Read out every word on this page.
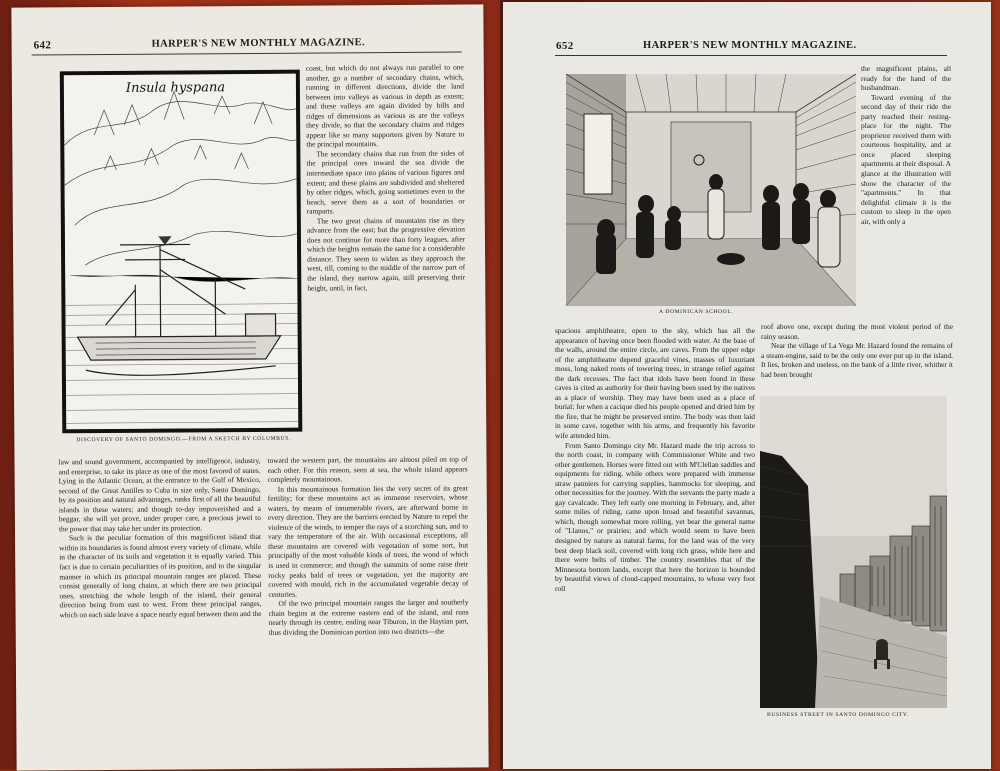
642	HARPER'S NEW MONTHLY MAGAZINE.
Insula hyspana
DISCOVERY OF SANTO DOMINGO.—FROM A SKETCH BY COLUMBUS.

coast, but which do not always run parallel to one another, go a number of secondary chains, which, running in different directions, divide the land between into valleys as various in depth as extent; and these valleys are again divided by hills and ridges of dimensions as various as are the valleys they divide, so that the secondary chains and ridges appear like so many supporters given by Nature to the principal mountains.

The secondary chains that run from the sides of the principal ones toward the sea divide the intermediate space into plains of various figures and extent; and these plains are subdivided and sheltered by other ridges, which, going sometimes even to the beach, serve them as a sort of boundaries or ramparts.

The two great chains of mountains rise as they advance from the east; but the progressive elevation does not continue for more than forty leagues, after which the heights remain the same for a considerable distance. They seem to widen as they approach the west, till, coming to the middle of the narrow part of the island, they narrow again, still preserving their height, until, in fact,

law and sound government, accompanied by intelligence, industry, and enterprise, to take its place as one of the most favored of states. Lying in the Atlantic Ocean, at the entrance to the Gulf of Mexico, second of the Great Antilles to Cuba in size only, Santo Domingo, by its position and natural advantages, ranks first of all the beautiful islands in these waters; and though to-day impoverished and a beggar, she will yet prove, under proper care, a precious jewel to the power that may take her under its protection.

Such is the peculiar formation of this magnificent island that within its boundaries is found almost every variety of climate, while in the character of its soils and vegetation it is equally varied. This fact is due to certain peculiarities of its position, and to the singular manner in which its principal mountain ranges are placed. These consist generally of long chains, at which there are two principal ones, stretching the whole length of the island, their general direction being from east to west. From these principal ranges, which on each side leave a space nearly equal between them and the

toward the western part, the mountains are almost piled on top of each other. For this reason, seen at sea, the whole island appears completely mountainous.

In this mountainous formation lies the very secret of its great fertility; for these mountains act as immense reservoirs, whose waters, by means of innumerable rivers, are afterward borne in every direction. They are the barriers erected by Nature to repel the violence of the winds, to temper the rays of a scorching sun, and to vary the temperature of the air. With occasional exceptions, all these mountains are covered with vegetation of some sort, but principally of the most valuable kinds of trees, the wood of which is used in commerce; and though the summits of some raise their rocky peaks bald of trees or vegetation, yet the majority are covered with mould, rich in the accumulated vegetable decay of centuries.

Of the two principal mountain ranges the larger and southerly chain begins at the extreme eastern end of the island, and runs nearly through its centre, ending near Tiburon, in the Haytian part, thus dividing the Dominican portion into two districts—the

652	HARPER'S NEW MONTHLY MAGAZINE.
A DOMINICAN SCHOOL.

the magnificent plains, all ready for the hand of the husbandman.

Toward evening of the second day of their ride the party reached their resting-place for the night. The proprietor received them with courteous hospitality, and at once placed sleeping apartments at their disposal. A glance at the illustration will show the character of the "apartments." In that delightful climate it is the custom to sleep in the open air, with only a

spacious amphitheatre, open to the sky, which has all the appearance of having once been flooded with water. At the base of the walls, around the entire circle, are caves. From the upper edge of the amphitheatre depend graceful vines, masses of luxuriant moss, long naked roots of towering trees, in strange relief against the dark recesses. The fact that idols have been found in these caves is cited as authority for their having been used by the natives as a place of worship. They may have been used as a place of burial; for when a cacique died his people opened and dried him by the fire, that he might be preserved entire. The body was then laid in some cave, together with his arms, and frequently his favorite wife attended him.

From Santo Domingo city Mr. Hazard made the trip across to the north coast, in company with Commissioner White and two other gentlemen. Horses were fitted out with M'Clellan saddles and equipments for riding, while others were prepared with immense straw panniers for carrying supplies, hammocks for sleeping, and other necessities for the journey. With the servants the party made a gay cavalcade. They left early one morning in February, and, after some miles of riding, came upon broad and beautiful savannas, which, though somewhat more rolling, yet bear the general name of "Llanos," or prairies; and which would seem to have been designed by nature as natural farms, for the land was of the very best deep black soil, covered with long rich grass, while here and there were belts of timber. The country resembles that of the Minnesota bottom lands, except that here the horizon is bounded by beautiful views of cloud-capped mountains, to whose very foot roll

roof above one, except during the most violent period of the rainy season.

Near the village of La Vega Mr. Hazard found the remains of a steam-engine, said to be the only one ever put up in the island. It lies, broken and useless, on the bank of a little river, whither it had been brought

BUSINESS STREET IN SANTO DOMINGO CITY.
